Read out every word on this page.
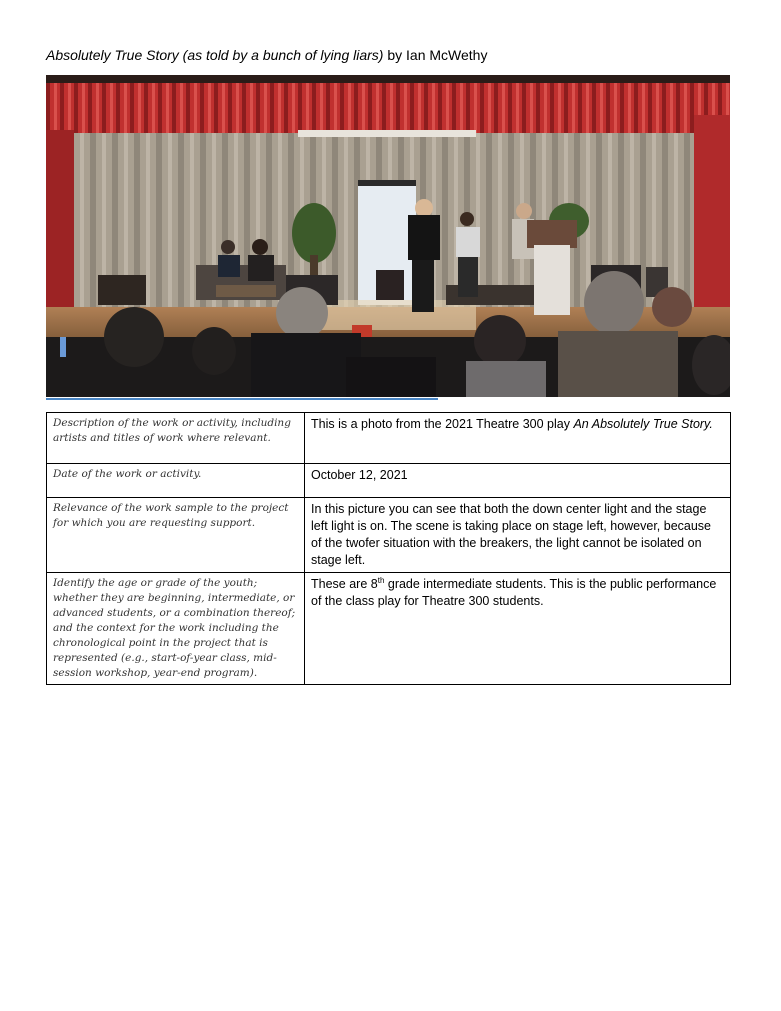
Absolutely True Story (as told by a bunch of lying liars) by Ian McWethy
Description of the work or activity, including artists and titles of work where relevant.	This is a photo from the 2021 Theatre 300 play An Absolutely True Story.
Date of the work or activity.	October 12, 2021
Relevance of the work sample to the project for which you are requesting support.	In this picture you can see that both the down center light and the stage left light is on. The scene is taking place on stage left, however, because of the twofer situation with the breakers, the light cannot be isolated on stage left.
Identify the age or grade of the youth; whether they are beginning, intermediate, or advanced students, or a combination thereof; and the context for the work including the chronological point in the project that is represented (e.g., start-of-year class, mid-session workshop, year-end program).	These are 8th grade intermediate students. This is the public performance of the class play for Theatre 300 students.
